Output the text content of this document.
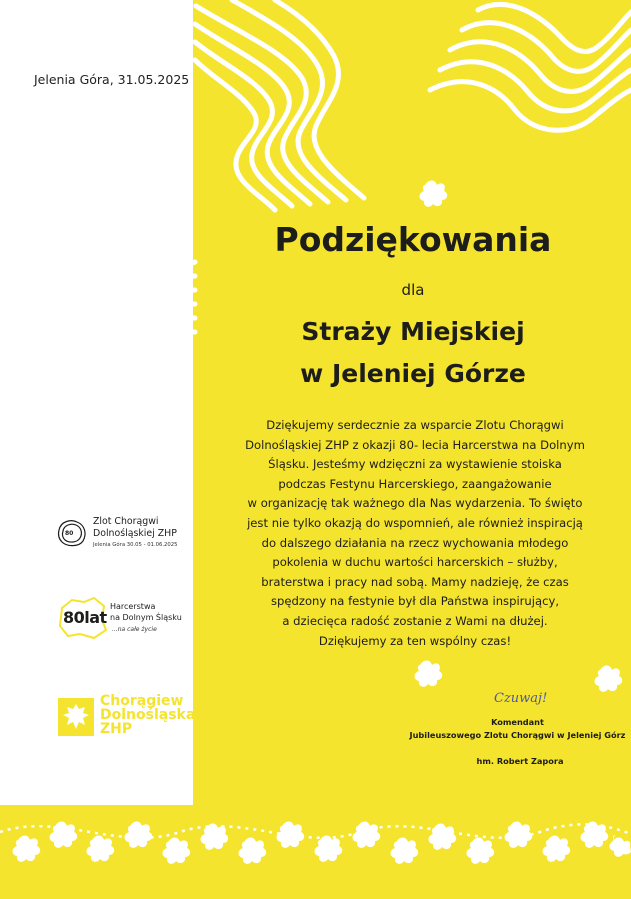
Jelenia Góra, 31.05.2025
Podziękowania
dla
Straży Miejskiej
w Jeleniej Górze
Dziękujemy serdecznie za wsparcie Zlotu Chorągwi
Dolnośląskiej ZHP z okazji 80- lecia Harcerstwa na Dolnym
Śląsku. Jesteśmy wdzięczni za wystawienie stoiska
podczas Festynu Harcerskiego, zaangażowanie
w organizację tak ważnego dla Nas wydarzenia. To święto
jest nie tylko okazją do wspomnień, ale również inspiracją
do dalszego działania na rzecz wychowania młodego
pokolenia w duchu wartości harcerskich – służby,
braterstwa i pracy nad sobą. Mamy nadzieję, że czas
spędzony na festynie był dla Państwa inspirujący,
a dziecięca radość zostanie z Wami na dłużej.
Dziękujemy za ten wspólny czas!
80
Zlot Chorągwi
Dolnośląskiej ZHP
Jelenia Góra 30.05 - 01.06.2025
80lat
Harcerstwa
na Dolnym Śląsku
...na całe życie
Chorągiew
Dolnośląska
ZHP
Czuwaj!
Komendant
Jubileuszowego Zlotu Chorągwi w Jeleniej Górz
hm. Robert Zapora
